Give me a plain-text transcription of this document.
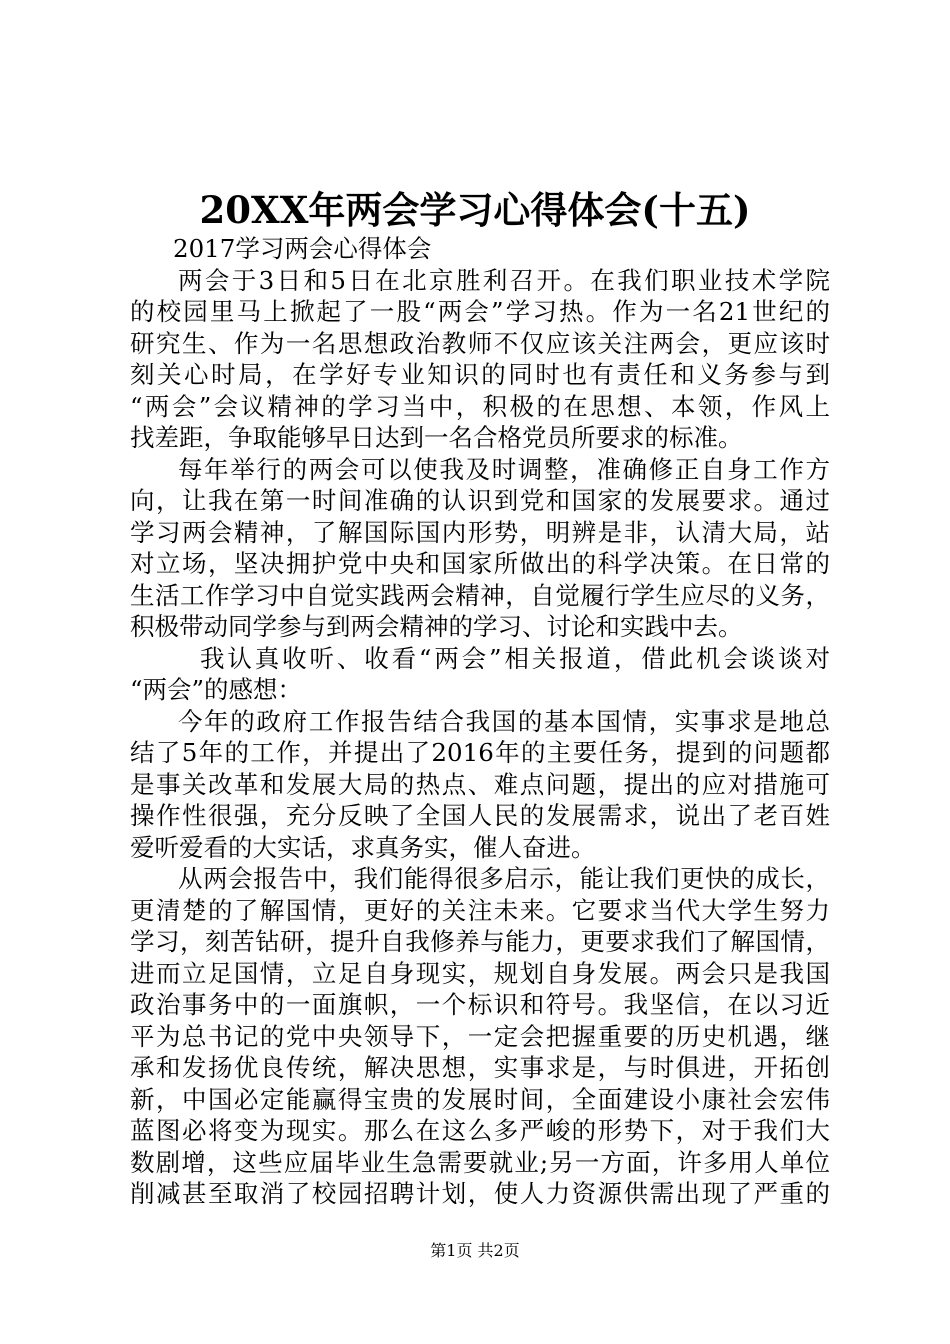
20XX年两会学习心得体会(十五)
2017学习两会心得体会
两会于3日和5日在北京胜利召开。在我们职业技术学院
的校园里马上掀起了一股“两会”学习热。作为一名21世纪的
研究生、作为一名思想政治教师不仅应该关注两会，更应该时
刻关心时局，在学好专业知识的同时也有责任和义务参与到
“两会”会议精神的学习当中，积极的在思想、本领，作风上
找差距，争取能够早日达到一名合格党员所要求的标准。
每年举行的两会可以使我及时调整，准确修正自身工作方
向，让我在第一时间准确的认识到党和国家的发展要求。通过
学习两会精神，了解国际国内形势，明辨是非，认清大局，站
对立场，坚决拥护党中央和国家所做出的科学决策。在日常的
生活工作学习中自觉实践两会精神，自觉履行学生应尽的义务，
积极带动同学参与到两会精神的学习、讨论和实践中去。
我认真收听、收看“两会”相关报道，借此机会谈谈对
“两会”的感想：
今年的政府工作报告结合我国的基本国情，实事求是地总
结了5年的工作，并提出了2016年的主要任务，提到的问题都
是事关改革和发展大局的热点、难点问题，提出的应对措施可
操作性很强，充分反映了全国人民的发展需求，说出了老百姓
爱听爱看的大实话，求真务实，催人奋进。
从两会报告中，我们能得很多启示，能让我们更快的成长，
更清楚的了解国情，更好的关注未来。它要求当代大学生努力
学习，刻苦钻研，提升自我修养与能力，更要求我们了解国情，
进而立足国情，立足自身现实，规划自身发展。两会只是我国
政治事务中的一面旗帜，一个标识和符号。我坚信，在以习近
平为总书记的党中央领导下，一定会把握重要的历史机遇，继
承和发扬优良传统，解决思想，实事求是，与时俱进，开拓创
新，中国必定能赢得宝贵的发展时间，全面建设小康社会宏伟
蓝图必将变为现实。那么在这么多严峻的形势下，对于我们大
数剧增，这些应届毕业生急需要就业;另一方面，许多用人单位
削减甚至取消了校园招聘计划，使人力资源供需出现了严重的
第1页 共2页
